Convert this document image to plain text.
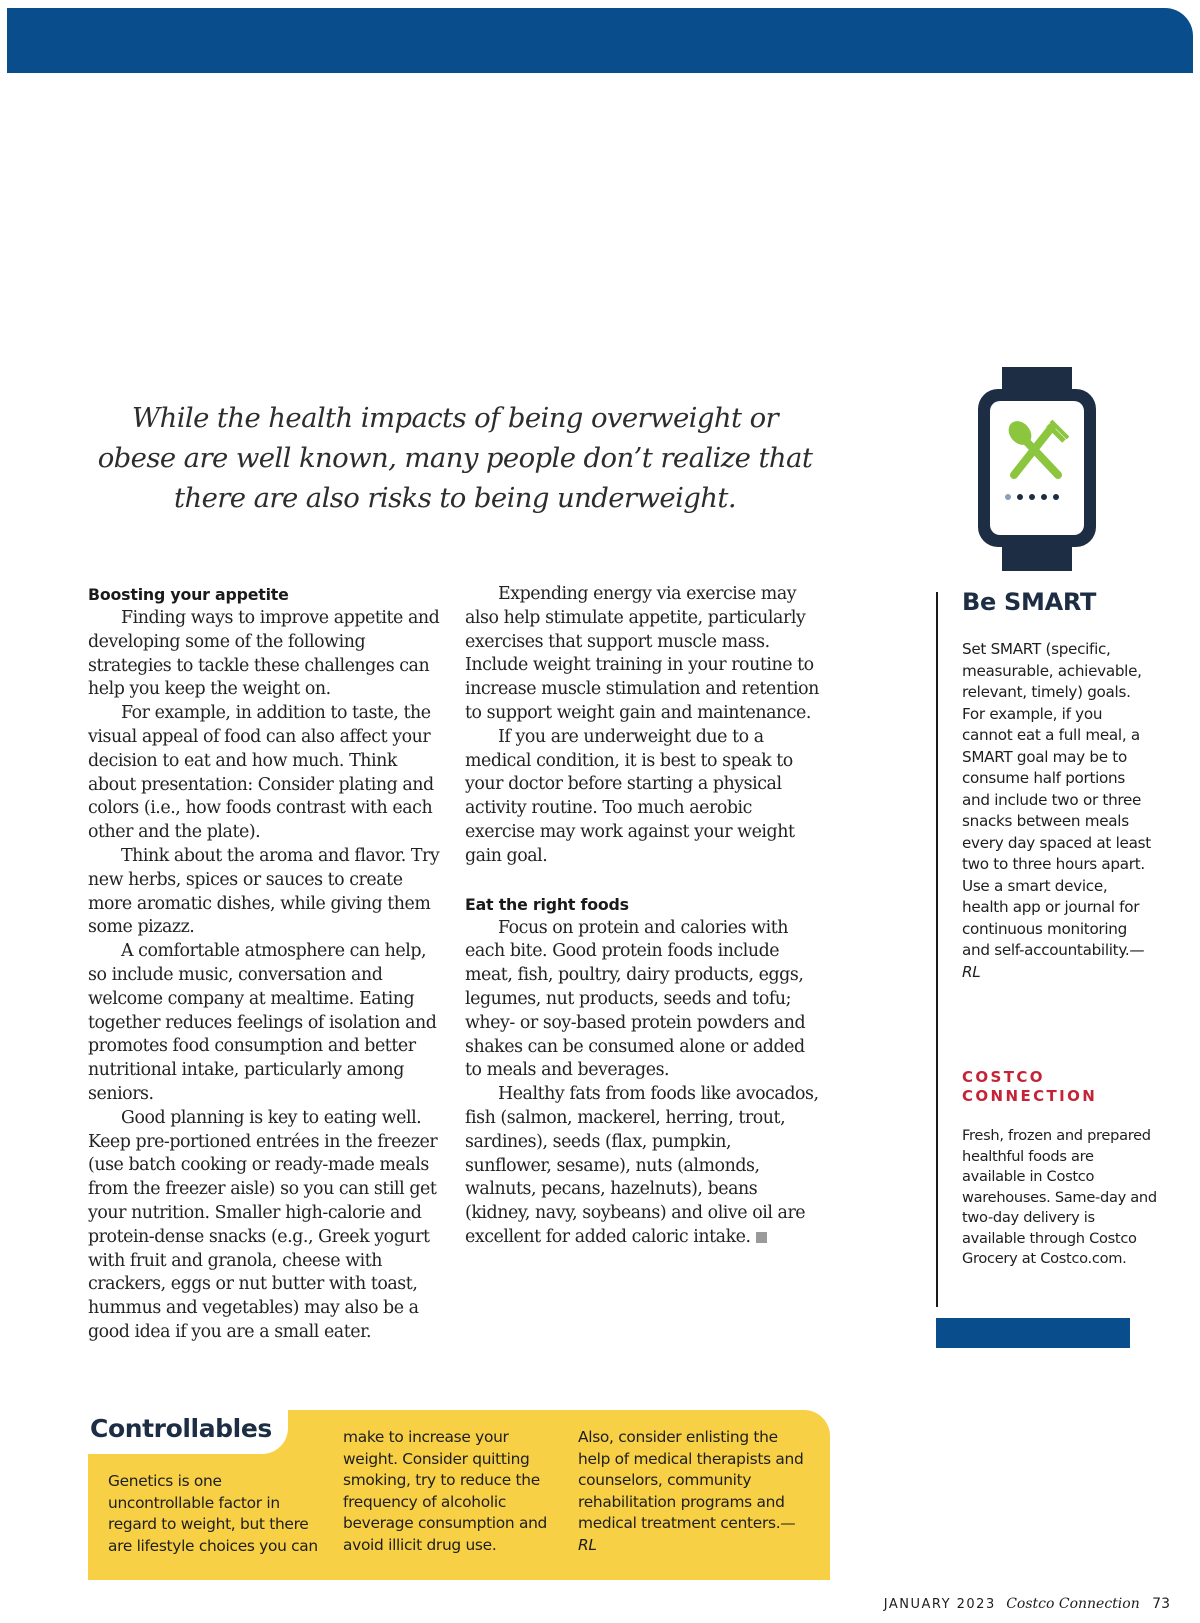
While the health impacts of being overweight or
obese are well known, many people don’t realize that
there are also risks to being underweight.
Boosting your appetite

Finding ways to improve appetite and developing some of the following strategies to tackle these challenges can help you keep the weight on.

For example, in addition to taste, the visual appeal of food can also affect your decision to eat and how much. Think about presentation: Consider plating and colors (i.e., how foods contrast with each other and the plate).

Think about the aroma and flavor. Try new herbs, spices or sauces to create more aromatic dishes, while giving them some pizazz.

A comfortable atmosphere can help, so include music, conversation and welcome company at mealtime. Eating together reduces feelings of isolation and promotes food consumption and better nutritional intake, particularly among seniors.

Good planning is key to eating well. Keep pre-portioned entrées in the freezer (use batch cooking or ready-made meals from the freezer aisle) so you can still get your nutrition. Smaller high-calorie and protein-dense snacks (e.g., Greek yogurt with fruit and granola, cheese with crackers, eggs or nut butter with toast, hummus and vegetables) may also be a good idea if you are a small eater.

Expending energy via exercise may also help stimulate appetite, particularly exercises that support muscle mass. Include weight training in your routine to increase muscle stimulation and retention to support weight gain and maintenance.

If you are underweight due to a medical condition, it is best to speak to your doctor before starting a physical activity routine. Too much aerobic exercise may work against your weight gain goal.

Eat the right foods

Focus on protein and calories with each bite. Good protein foods include meat, fish, poultry, dairy products, eggs, legumes, nut products, seeds and tofu; whey- or soy-based protein powders and shakes can be consumed alone or added to meals and beverages.

Healthy fats from foods like avocados, fish (salmon, mackerel, herring, trout, sardines), seeds (flax, pumpkin, sunflower, sesame), nuts (almonds, walnuts, pecans, hazelnuts), beans (kidney, navy, soybeans) and olive oil are excellent for added caloric intake.

Be SMART
Set SMART (specific, measurable, achievable, relevant, timely) goals. For example, if you cannot eat a full meal, a SMART goal may be to consume half portions and include two or three snacks between meals every day spaced at least two to three hours apart. Use a smart device, health app or journal for continuous monitoring and self-accountability.—RL
COSTCO
CONNECTION
Fresh, frozen and prepared healthful foods are available in Costco warehouses. Same-day and two-day delivery is available through Costco Grocery at Costco.com.
Controllables
Genetics is one uncontrollable factor in regard to weight, but there are lifestyle choices you can
make to increase your weight. Consider quitting smoking, try to reduce the frequency of alcoholic beverage consumption and avoid illicit drug use.
Also, consider enlisting the help of medical therapists and counselors, community rehabilitation programs and medical treatment centers.—RL
JANUARY 2023 Costco Connection 73
